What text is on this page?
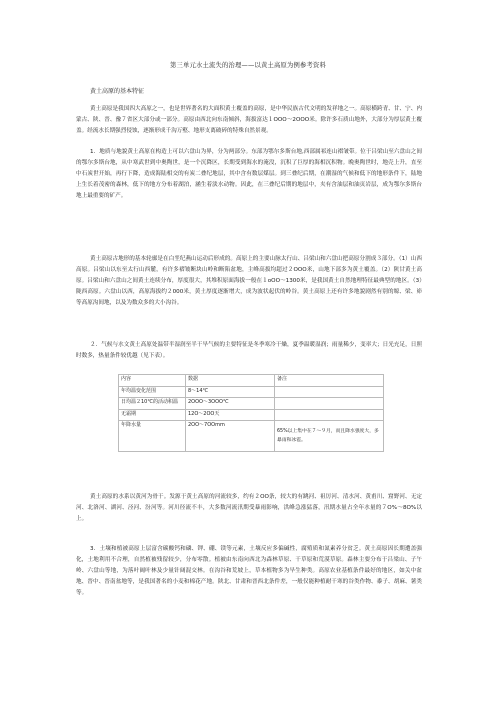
第三单元水土流失的治理——以黄土高原为例参考资料
黄土高原的基本特征

黄土高原是我国四大高原之一，也是世界著名的大面积黄土覆盖的高原，是中华民族古代文明的发祥地之一。高原横跨青、甘、宁、内蒙古、陕、晋、豫７省区大部分或一部分。高原由西北向东南倾斜，海拔富达１OOO～2OOO米。除许多石质山地外，大部分为厚层黄土覆盖。经流水长期强烈侵蚀，逐渐形成千沟万壑、地形支离破碎的特殊自然景观。

1．地质与地貌黄土高原在构造上可以六盘山为界，分为两部分。东部为鄂尔多斯台地,西部属祁连山褶皱带。位于吕梁山至六盘山之间的鄂尔多斯台地，从中寒武世到中奥陶世，是一个沉降区，长期受到海水的淹没，沉积了巨厚的海相沉积物。晚奥陶世时，地壳上升，直至中石炭世开始，再行下降，造成海陆相交的有炭二叠纪地层，其中含有数层煤层。到三叠纪后期，在潮湿的气候和低下的地形条件下，陆地上生长着茂密的森林，低下的地方分布着湖泊，涵生着淡水动物。因此，在三叠纪后期的地层中，夹有含油层和油页岩层，成为鄂尔多斯台地上最重要的矿产。

黄土高原古地形的基本轮廓是在白垩纪燕山运动后形成的。高原上的主要山脉太行山、吕梁山和六盘山把高原分割成３部分。（1）山西高原。吕梁山以东至太行山西麓，有许多褶皱断块山岭和断陷盆地，主峰高拔均超过２OOO米，山地下部多为黄土覆盖。（2）陕甘黄土高原。吕梁山和六盘山之间黄土连续分布，厚度很大，其堆积原面海拔一般在１oOO～1300米，是我国黄土自然地理特征最典型的地区。（3）陇西高原。六盘山以西，高原海拔约２000米，黄土厚度逐渐增大，成为波状起伏的岭谷。黄土高原上还有许多地貌剧然有别的塬、梁、峁等高原沟间地，以及为数众多的大小沟谷。

２．气候与水文黄土高原处温带半湿润至半干旱气候的主要特征是冬季寒冷干燥，夏季温暖湿润；雨量稀少，变率大；日光充足，日照时数多，热量条件较优越（见下表）。

内容	数据	备注
年均温变化范围	8～14℃	
日均温２10℃的活动积温	2OOO～3OOO℃	
无霜期	12O～2OO天	
年降水量	2OO～7OOmm	65%以上集中在７～９月，而且降水强度大，多暴雨和冰雹。

黄土高原的水系以黄河为骨干。发源于黄土高原的河流较多，约有２OO条，较大的有跳河、祖厉河、清水河、黄甫川、窟野河、无定河、北洛河、湖河、泾河、汾河等。河川径流不丰，大多数河流汛期受暴雨影响，洪峰急涨猛落，汛期水量占全年水量的７O%～8O%以上。

3．土壤和植被高原上层富含碳酸钙和磷、钾、硼、镁等元素，土壤反应多偏碱性，腐殖质和氮素养分贫乏。黄土高原因长期遭盖强化，土地利用不合理，自然植被残留较少，分布零散。植被由东南向西北为森林草原、干草原和荒漠草原。森林主要分布于吕梁山、子午岭、六盘山等地，为落叶阔叶林及少量针阔混交林。在沟谷和荒坡上，草本植物多为旱生种类。高原农业基植条件最好的地区，如关中盆地、晋中、晋南盆地等，是我国著名的小麦和棉花产地。陕北、甘肃和晋西北条件差，一般仅能种植耐干寒的谷类作物、黍子、胡麻、薯类等。
